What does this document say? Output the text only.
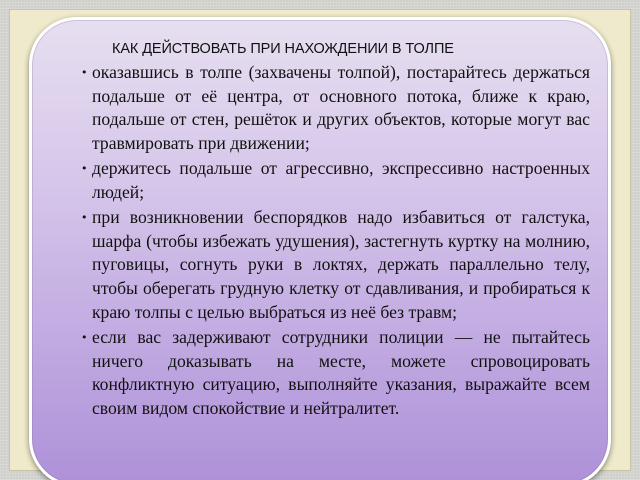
КАК ДЕЙСТВОВАТЬ ПРИ НАХОЖДЕНИИ В ТОЛПЕ
• оказавшись в толпе (захвачены толпой), постарайтесь держаться подальше от её центра, от основного потока, ближе к краю, подальше от стен, решёток и других объектов, которые могут вас травмировать при движении;
• держитесь подальше от агрессивно, экспрессивно настроенных людей;
• при возникновении беспорядков надо избавиться от галстука, шарфа (чтобы избежать удушения), застегнуть куртку на молнию, пуговицы, согнуть руки в локтях, держать параллельно телу, чтобы оберегать грудную клетку от сдавливания, и пробираться к краю толпы с целью выбраться из неё без травм;
• если вас задерживают сотрудники полиции — не пытайтесь ничего доказывать на месте, можете спровоцировать конфликтную ситуацию, выполняйте указания, выражайте всем своим видом спокойствие и нейтралитет.
